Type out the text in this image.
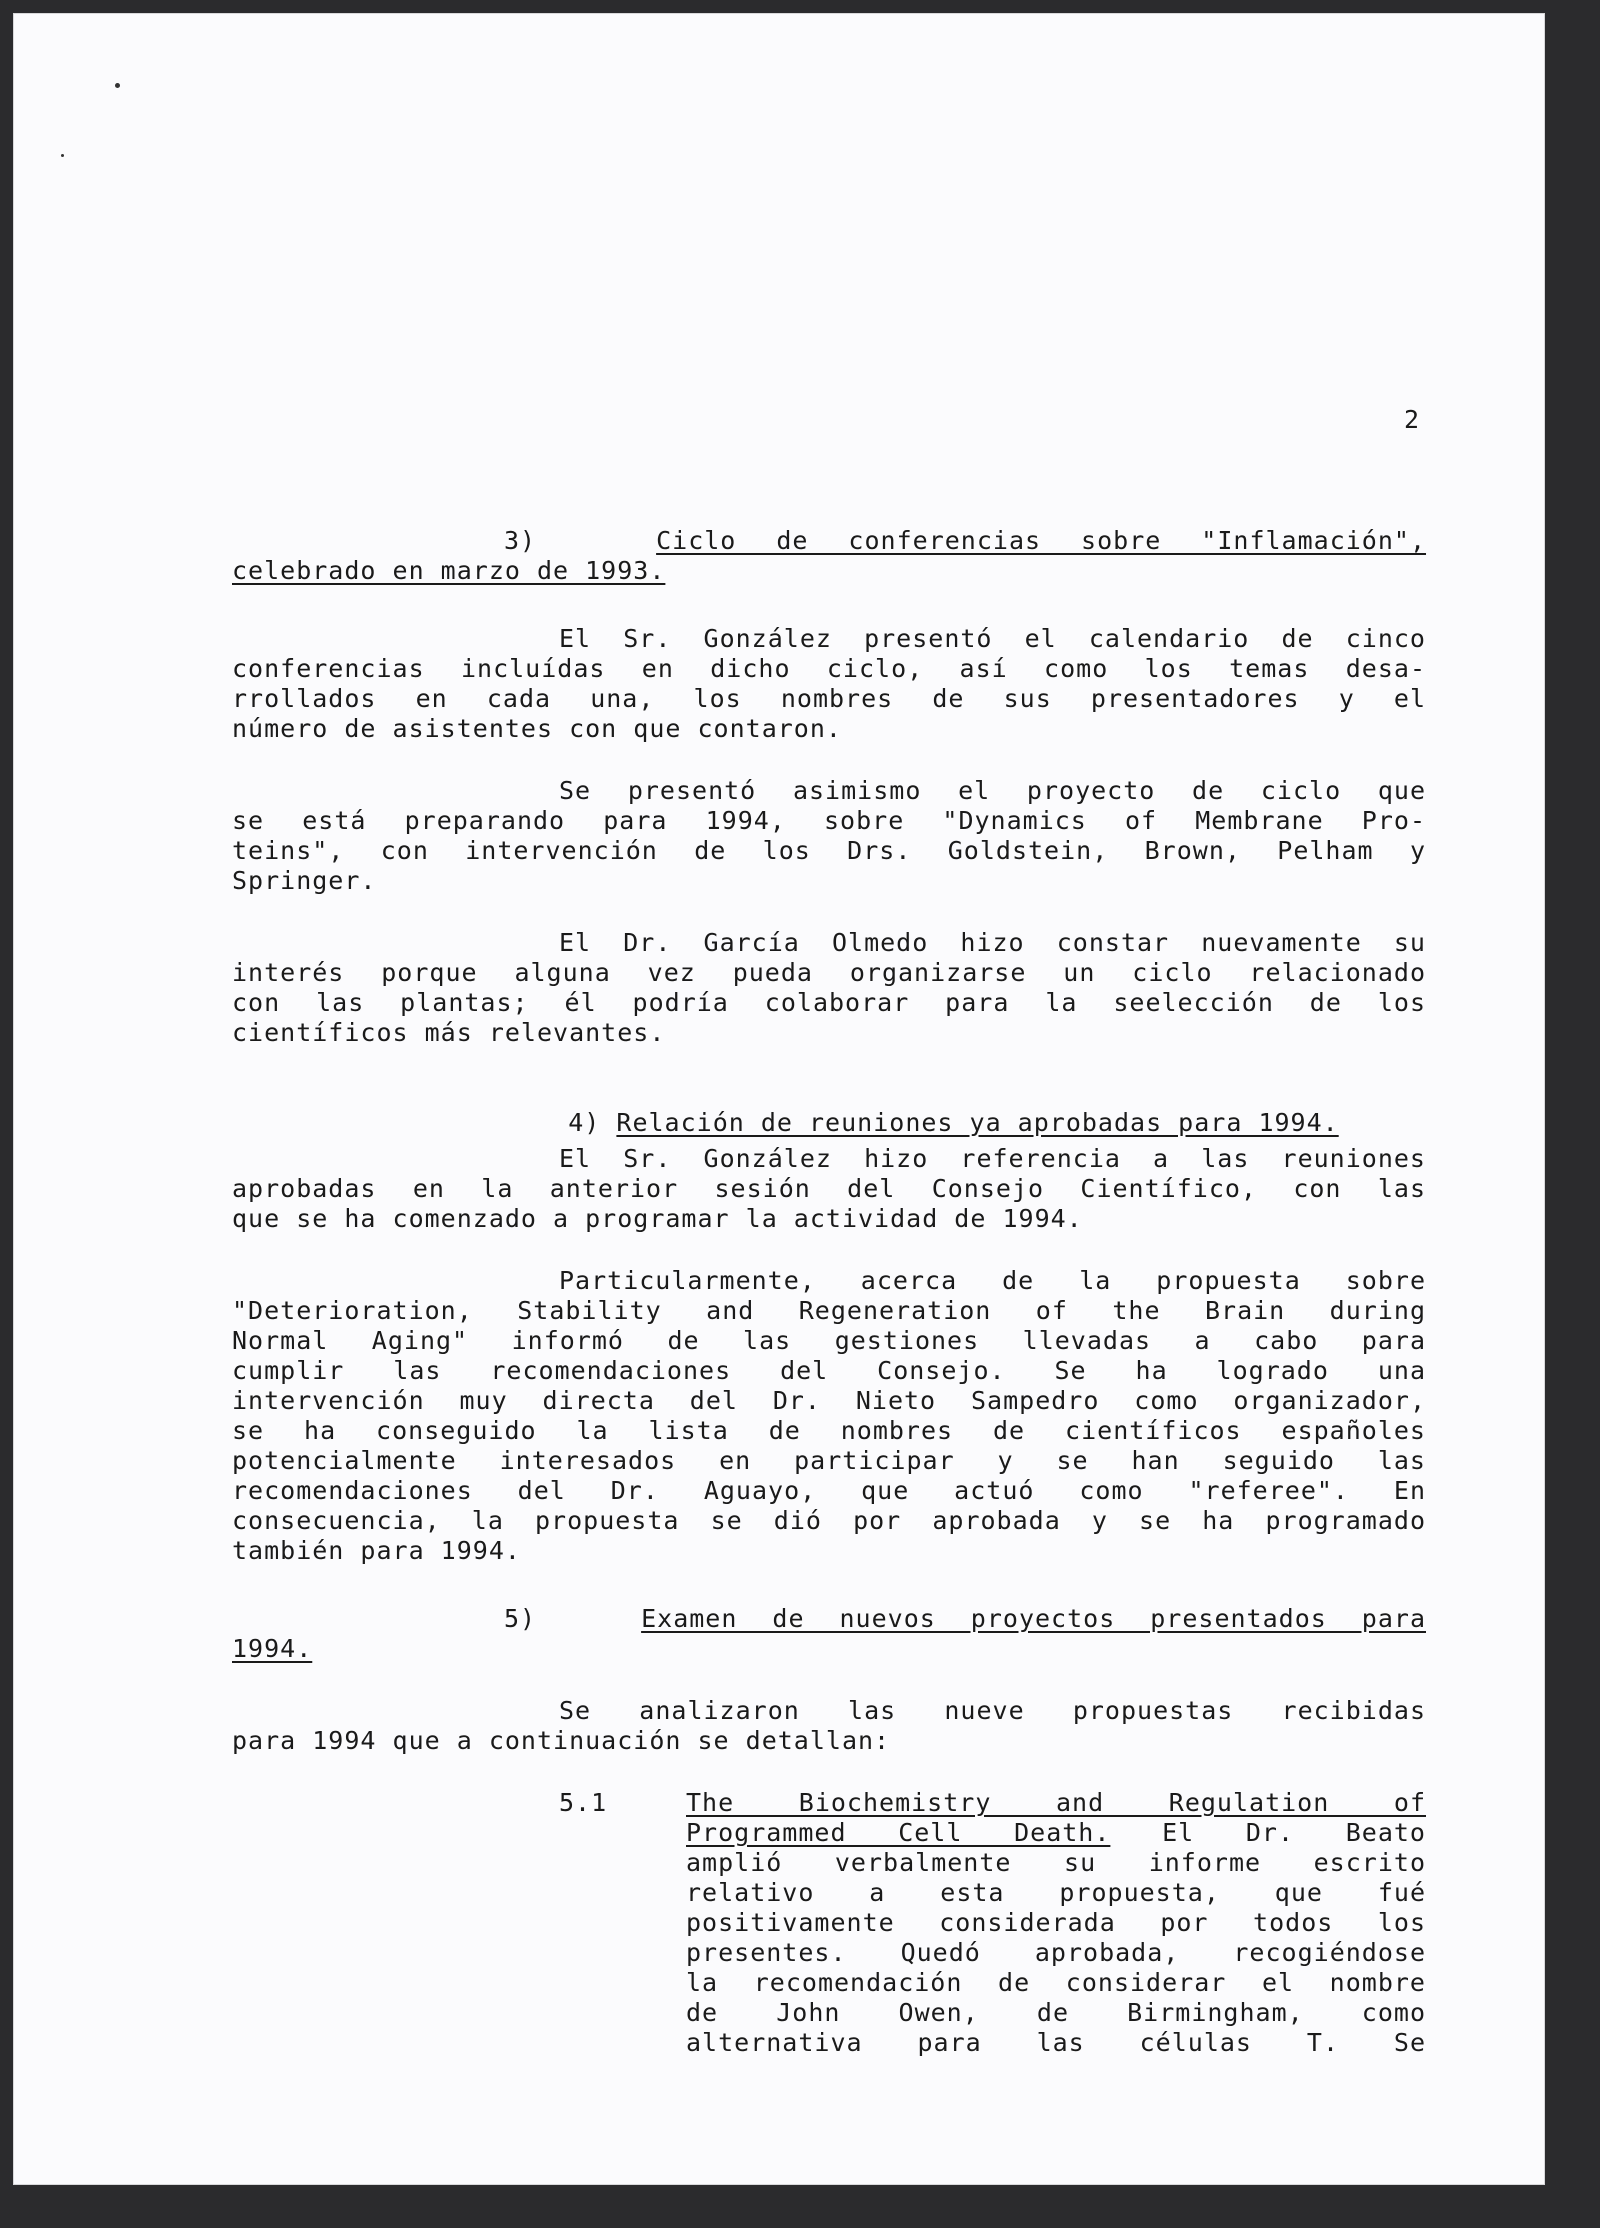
2
3)	Ciclo de conferencias sobre "Inflamación",
celebrado en marzo de 1993.
El Sr. González presentó el calendario de cinco
conferencias incluídas en dicho ciclo, así como los temas desa-
rrollados en cada una, los nombres de sus presentadores y el
número de asistentes con que contaron.
Se presentó asimismo el proyecto de ciclo que
se está preparando para 1994, sobre "Dynamics of Membrane Pro-
teins", con intervención de los Drs. Goldstein, Brown, Pelham y
Springer.
El Dr. García Olmedo hizo constar nuevamente su
interés porque alguna vez pueda organizarse un ciclo relacionado
con las plantas; él podría colaborar para la seelección de los
científicos más relevantes.

4) Relación de reuniones ya aprobadas para 1994.

El Sr. González hizo referencia a las reuniones
aprobadas en la anterior sesión del Consejo Científico, con las
que se ha comenzado a programar la actividad de 1994.
Particularmente, acerca de la propuesta sobre
"Deterioration, Stability and Regeneration of the Brain during
Normal Aging" informó de las gestiones llevadas a cabo para
cumplir las recomendaciones del Consejo. Se ha logrado una
intervención muy directa del Dr. Nieto Sampedro como organizador,
se ha conseguido la lista de nombres de científicos españoles
potencialmente interesados en participar y se han seguido las
recomendaciones del Dr. Aguayo, que actuó como "referee". En
consecuencia, la propuesta se dió por aprobada y se ha programado
también para 1994.
5)	Examen de nuevos proyectos presentados para
1994.
Se analizaron las nueve propuestas recibidas
para 1994 que a continuación se detallan:
5.1	The Biochemistry and Regulation of
Programmed Cell Death. El Dr. Beato
amplió verbalmente su informe escrito
relativo a esta propuesta, que fué
positivamente considerada por todos los
presentes. Quedó aprobada, recogiéndose
la recomendación de considerar el nombre
de John Owen, de Birmingham, como
alternativa para las células T. Se
